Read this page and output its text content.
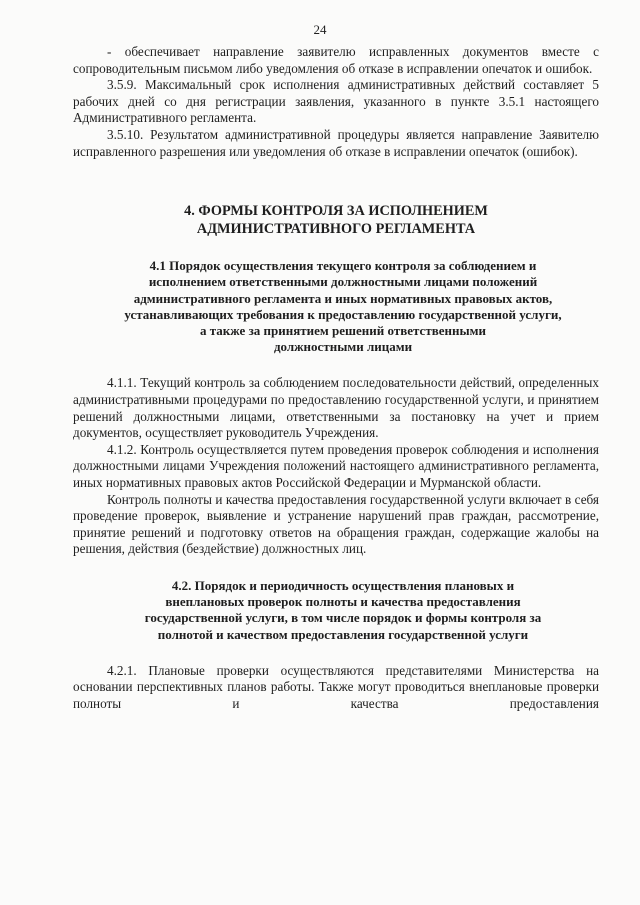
24

- обеспечивает направление заявителю исправленных документов вместе с сопроводительным письмом либо уведомления об отказе в исправлении опечаток и ошибок.

3.5.9. Максимальный срок исполнения административных действий составляет 5 рабочих дней со дня регистрации заявления, указанного в пункте 3.5.1 настоящего Административного регламента.

3.5.10. Результатом административной процедуры является направление Заявителю исправленного разрешения или уведомления об отказе в исправлении опечаток (ошибок).

4. ФОРМЫ КОНТРОЛЯ ЗА ИСПОЛНЕНИЕМ
АДМИНИСТРАТИВНОГО РЕГЛАМЕНТА
4.1 Порядок осуществления текущего контроля за соблюдением и
исполнением ответственными должностными лицами положений
административного регламента и иных нормативных правовых актов,
устанавливающих требования к предоставлению государственной услуги,
а также за принятием решений ответственными
должностными лицами

4.1.1. Текущий контроль за соблюдением последовательности действий, определенных административными процедурами по предоставлению государственной услуги, и принятием решений должностными лицами, ответственными за постановку на учет и прием документов, осуществляет руководитель Учреждения.

4.1.2. Контроль осуществляется путем проведения проверок соблюдения и исполнения должностными лицами Учреждения положений настоящего административного регламента, иных нормативных правовых актов Российской Федерации и Мурманской области.

Контроль полноты и качества предоставления государственной услуги включает в себя проведение проверок, выявление и устранение нарушений прав граждан, рассмотрение, принятие решений и подготовку ответов на обращения граждан, содержащие жалобы на решения, действия (бездействие) должностных лиц.

4.2. Порядок и периодичность осуществления плановых и
внеплановых проверок полноты и качества предоставления
государственной услуги, в том числе порядок и формы контроля за
полнотой и качеством предоставления государственной услуги

4.2.1. Плановые проверки осуществляются представителями Министерства на основании перспективных планов работы. Также могут проводиться внеплановые проверки полноты и качества предоставления
